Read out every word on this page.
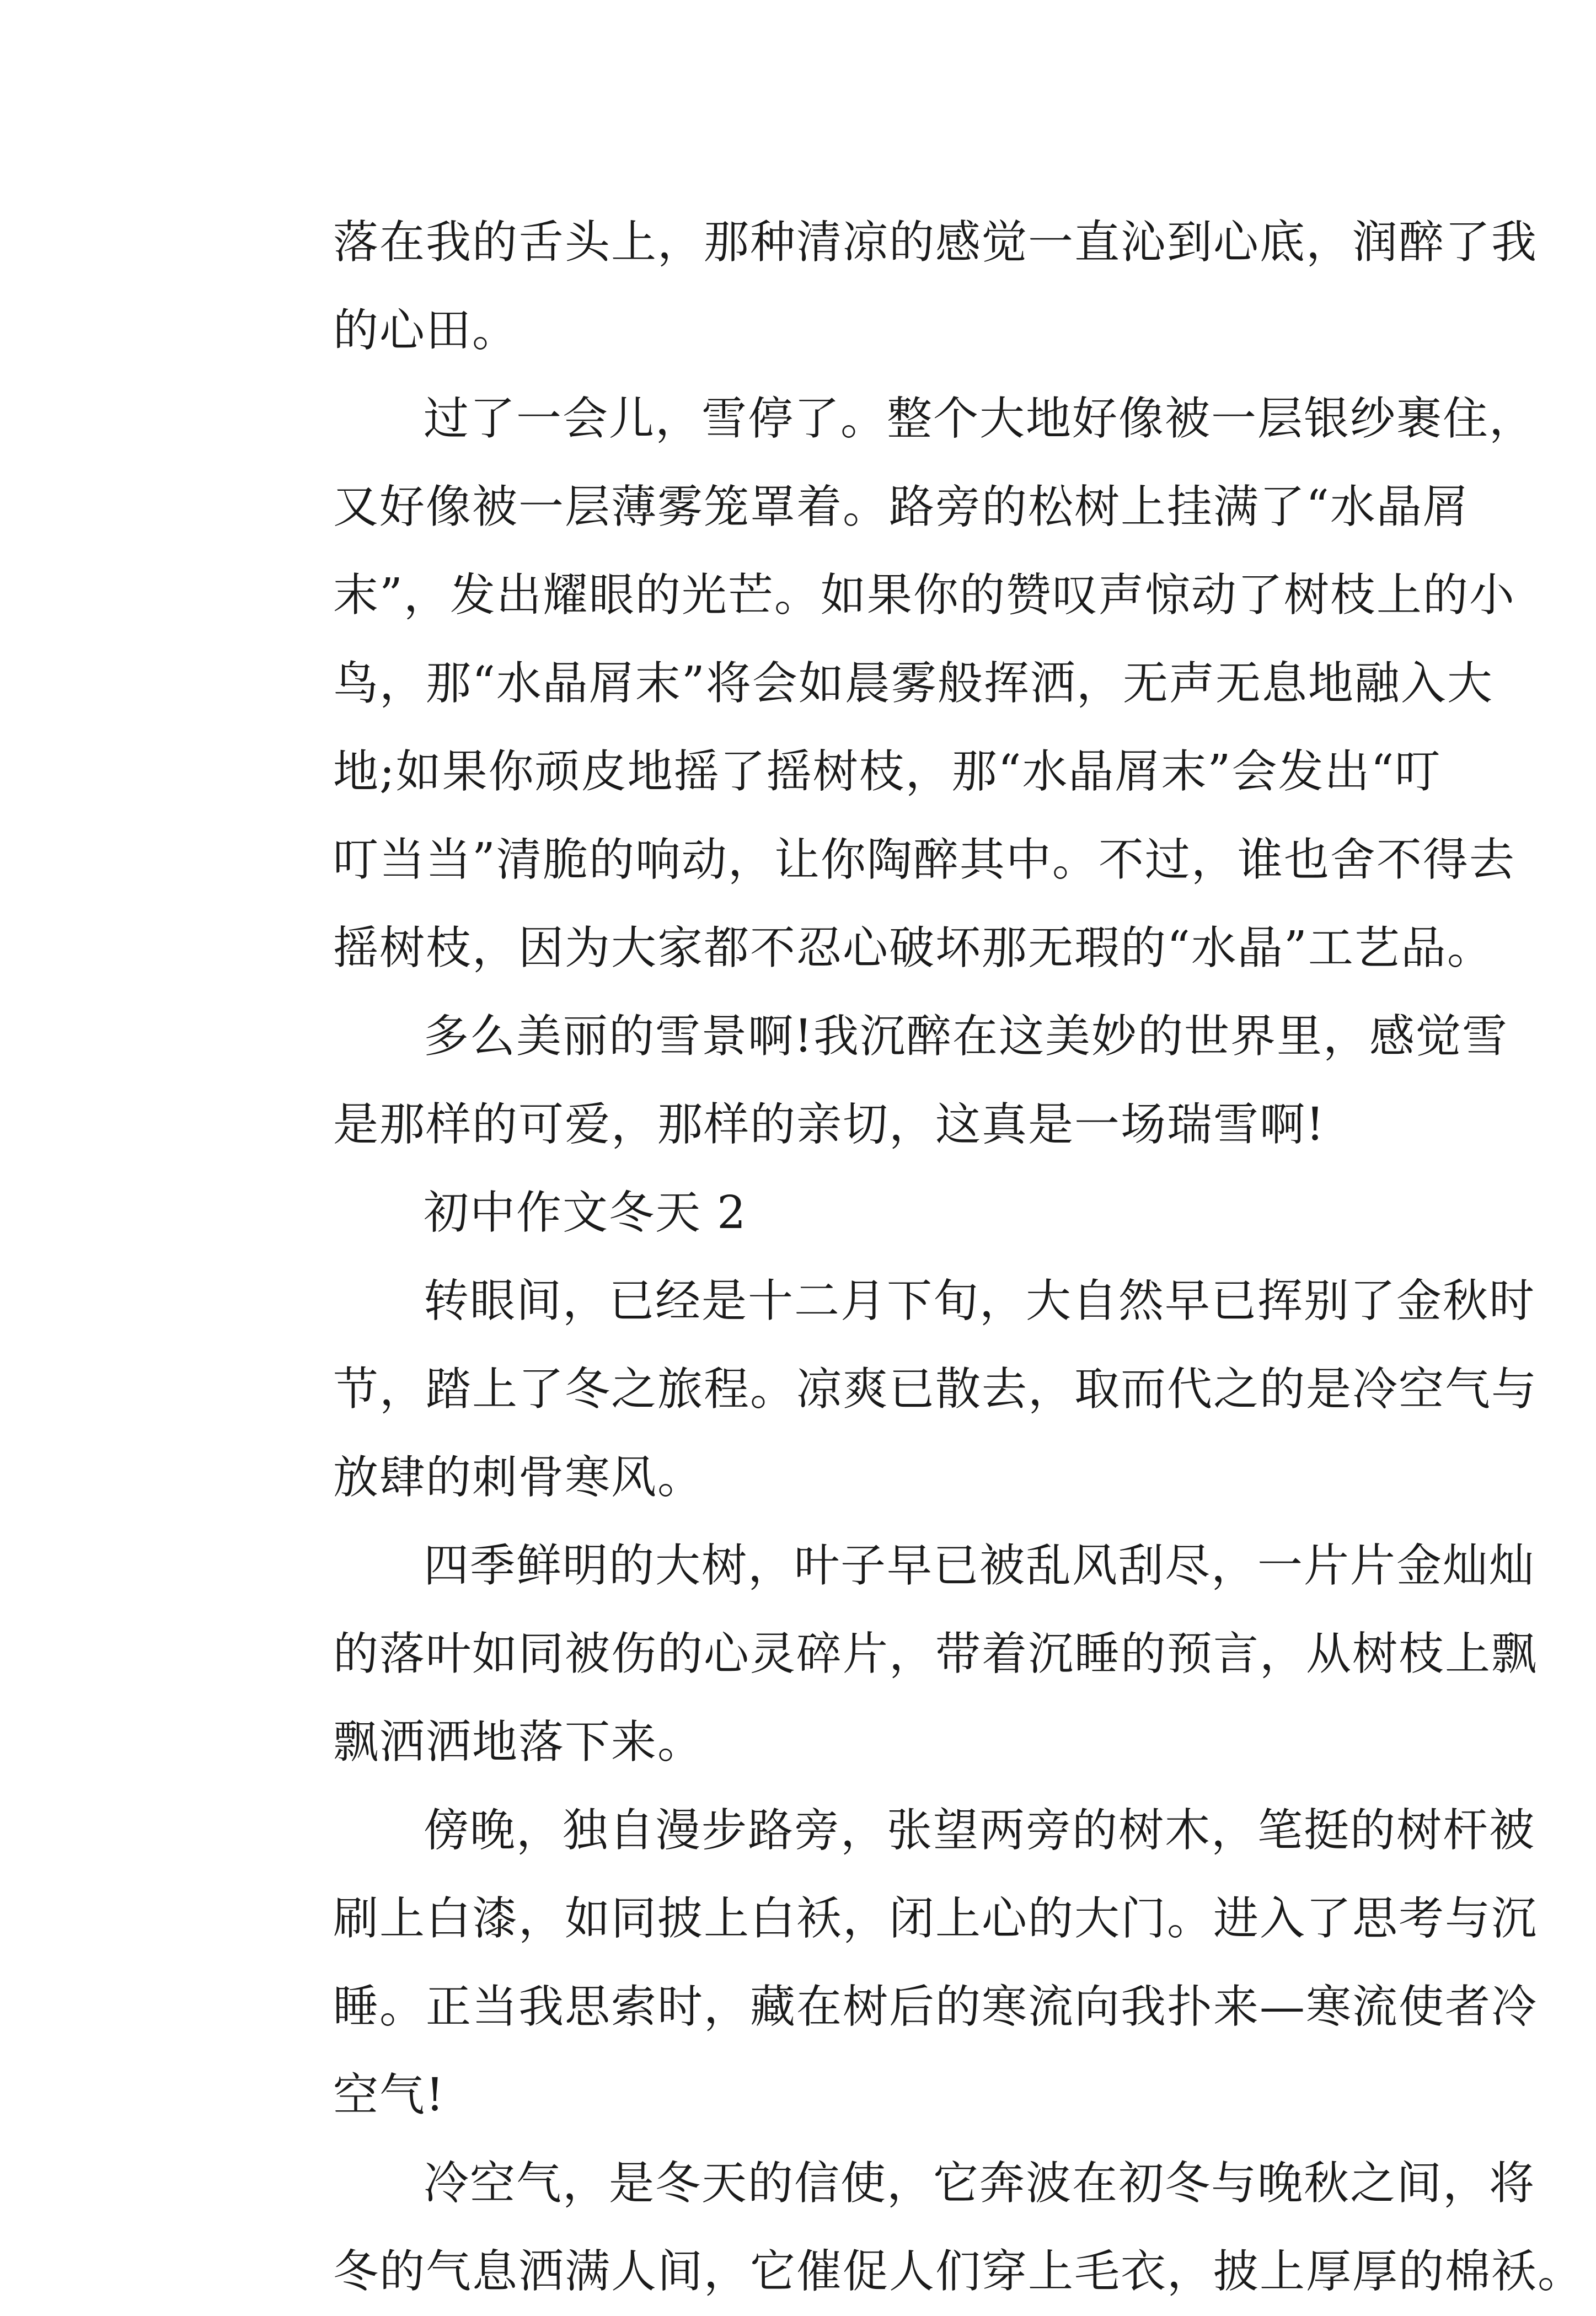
落在我的舌头上，那种清凉的感觉一直沁到心底，润醉了我
的心田。
过了一会儿，雪停了。整个大地好像被一层银纱裹住，
又好像被一层薄雾笼罩着。路旁的松树上挂满了“水晶屑
末”，发出耀眼的光芒。如果你的赞叹声惊动了树枝上的小
鸟，那“水晶屑末”将会如晨雾般挥洒，无声无息地融入大
地;如果你顽皮地摇了摇树枝，那“水晶屑末”会发出“叮
叮当当”清脆的响动，让你陶醉其中。不过，谁也舍不得去
摇树枝，因为大家都不忍心破坏那无瑕的“水晶”工艺品。
多么美丽的雪景啊!我沉醉在这美妙的世界里，感觉雪
是那样的可爱，那样的亲切，这真是一场瑞雪啊!
初中作文冬天 2
转眼间，已经是十二月下旬，大自然早已挥别了金秋时
节，踏上了冬之旅程。凉爽已散去，取而代之的是冷空气与
放肆的刺骨寒风。
四季鲜明的大树，叶子早已被乱风刮尽，一片片金灿灿
的落叶如同被伤的心灵碎片，带着沉睡的预言，从树枝上飘
飘洒洒地落下来。
傍晚，独自漫步路旁，张望两旁的树木，笔挺的树杆被
刷上白漆，如同披上白袄，闭上心的大门。进入了思考与沉
睡。正当我思索时，藏在树后的寒流向我扑来—寒流使者冷
空气!
冷空气，是冬天的信使，它奔波在初冬与晚秋之间，将
冬的气息洒满人间，它催促人们穿上毛衣，披上厚厚的棉袄。
